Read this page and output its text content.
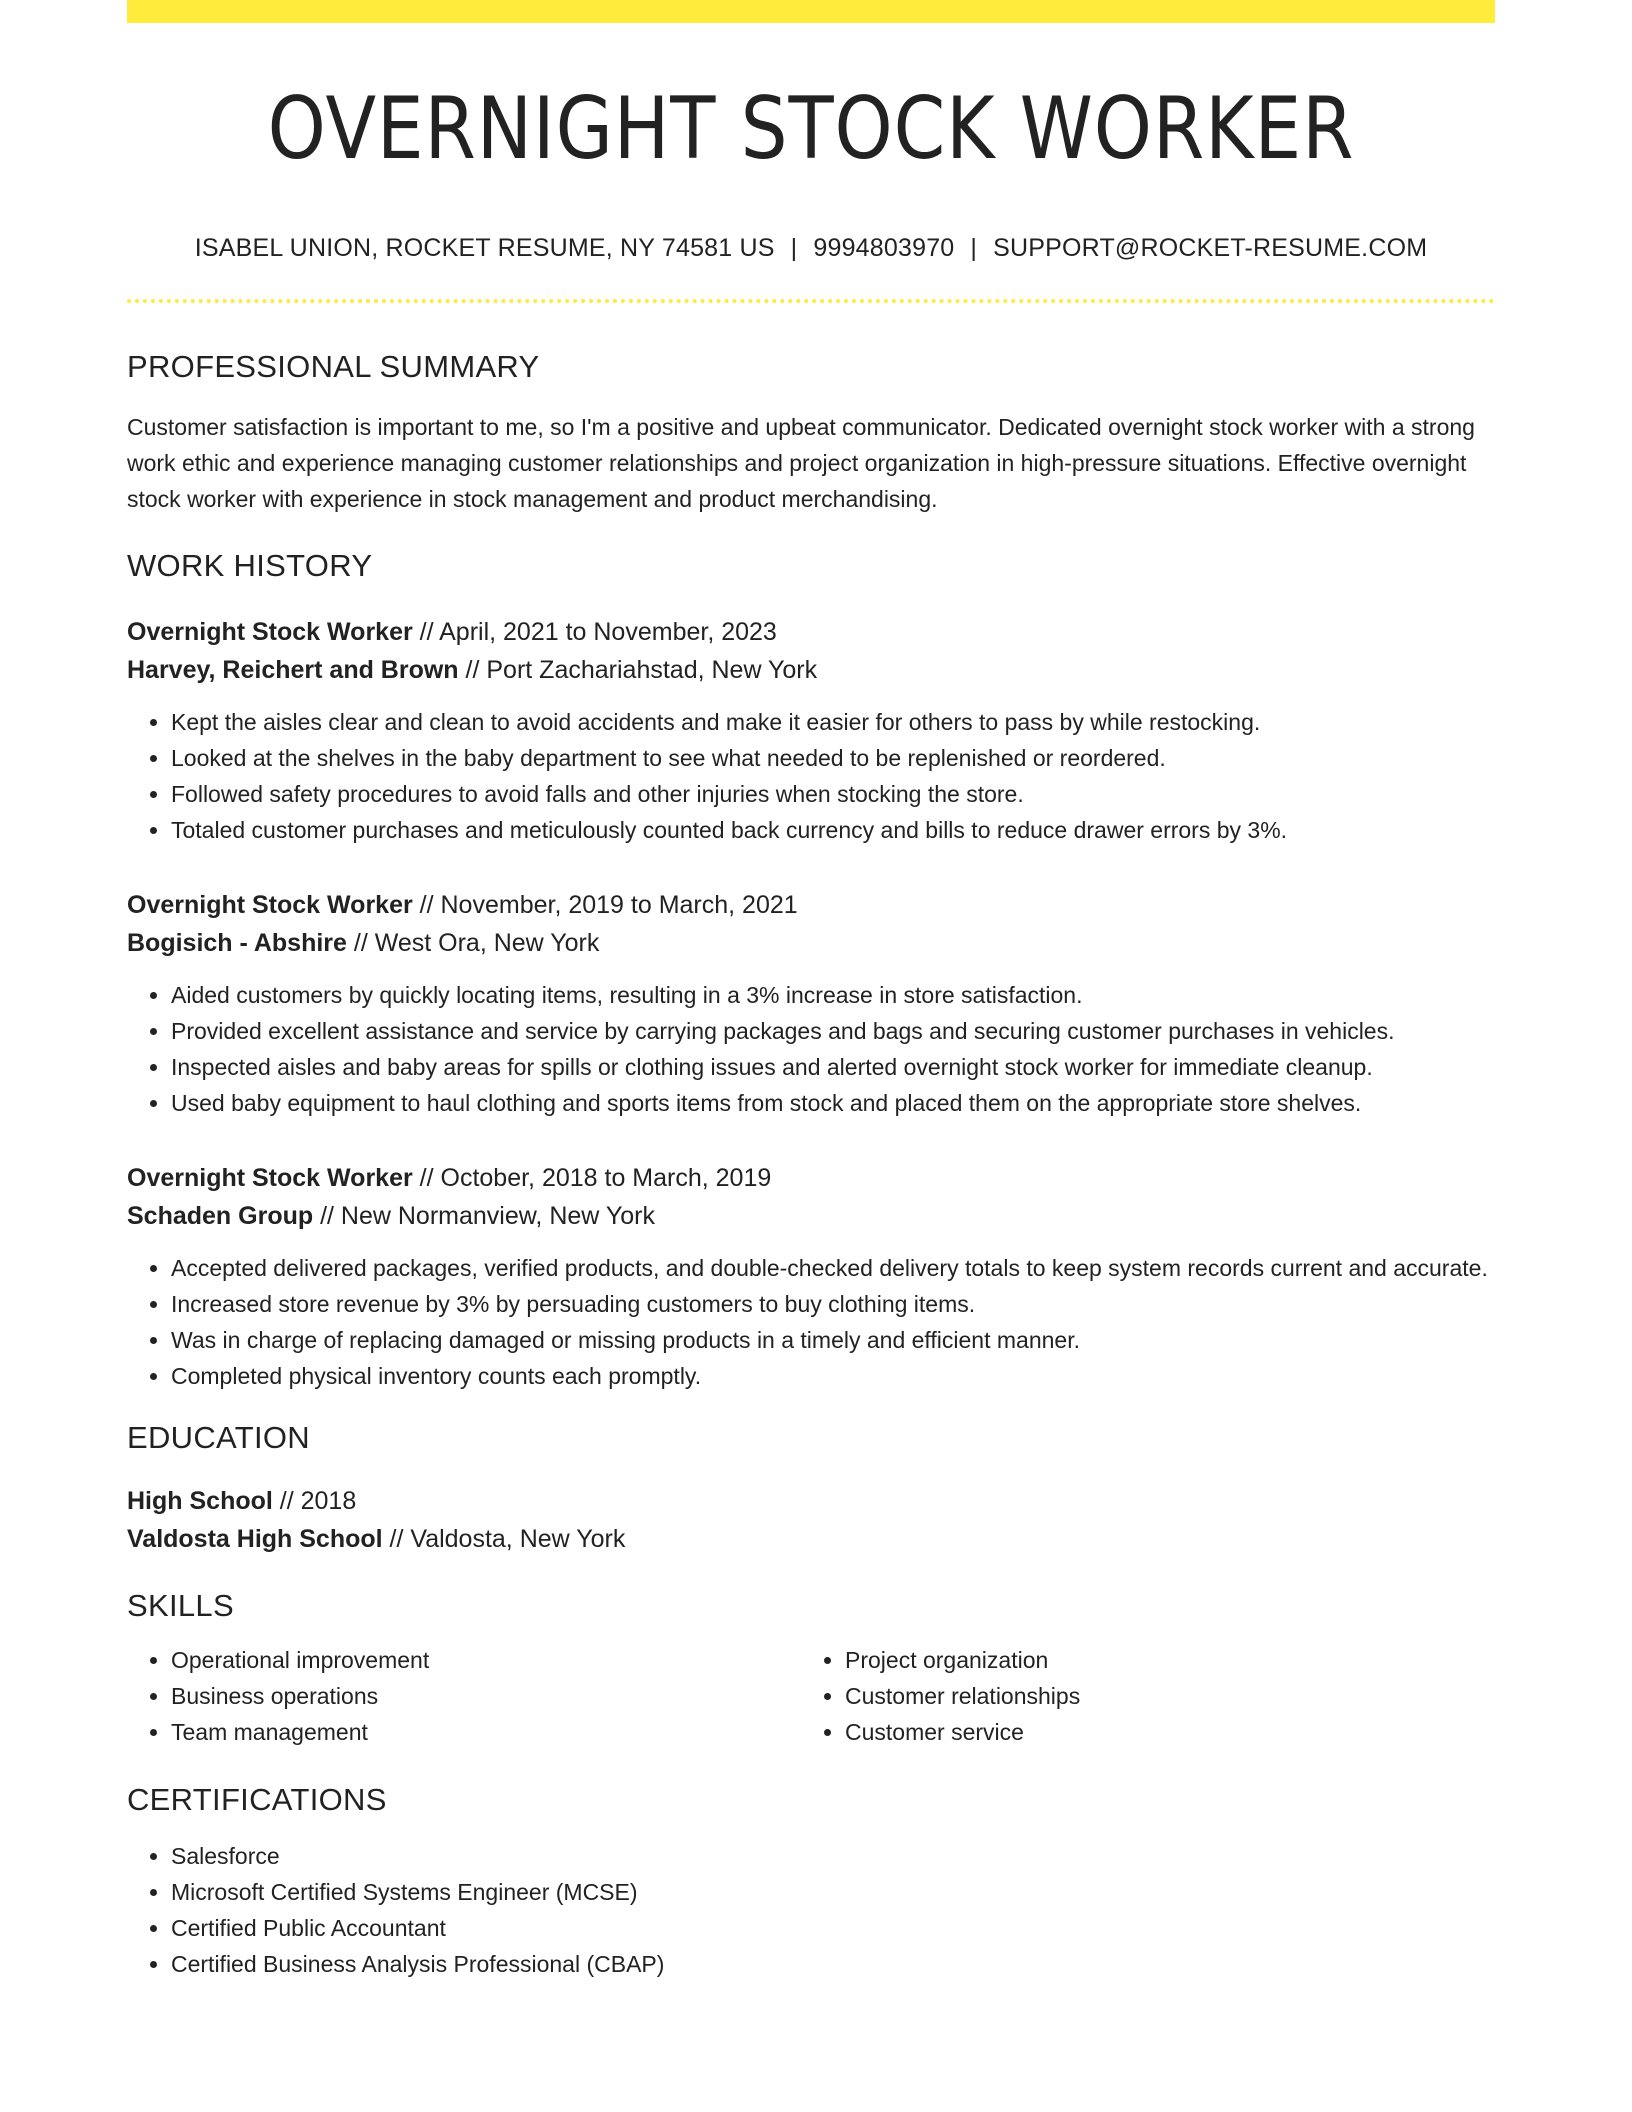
OVERNIGHT STOCK WORKER
ISABEL UNION, ROCKET RESUME, NY 74581 US | 9994803970 | SUPPORT@ROCKET-RESUME.COM
PROFESSIONAL SUMMARY
Customer satisfaction is important to me, so I'm a positive and upbeat communicator. Dedicated overnight stock worker with a strong work ethic and experience managing customer relationships and project organization in high-pressure situations. Effective overnight stock worker with experience in stock management and product merchandising.
WORK HISTORY
Overnight Stock Worker // April, 2021 to November, 2023
Harvey, Reichert and Brown // Port Zachariahstad, New York
• Kept the aisles clear and clean to avoid accidents and make it easier for others to pass by while restocking.
• Looked at the shelves in the baby department to see what needed to be replenished or reordered.
• Followed safety procedures to avoid falls and other injuries when stocking the store.
• Totaled customer purchases and meticulously counted back currency and bills to reduce drawer errors by 3%.
Overnight Stock Worker // November, 2019 to March, 2021
Bogisich - Abshire // West Ora, New York
• Aided customers by quickly locating items, resulting in a 3% increase in store satisfaction.
• Provided excellent assistance and service by carrying packages and bags and securing customer purchases in vehicles.
• Inspected aisles and baby areas for spills or clothing issues and alerted overnight stock worker for immediate cleanup.
• Used baby equipment to haul clothing and sports items from stock and placed them on the appropriate store shelves.
Overnight Stock Worker // October, 2018 to March, 2019
Schaden Group // New Normanview, New York
• Accepted delivered packages, verified products, and double-checked delivery totals to keep system records current and accurate.
• Increased store revenue by 3% by persuading customers to buy clothing items.
• Was in charge of replacing damaged or missing products in a timely and efficient manner.
• Completed physical inventory counts each promptly.
EDUCATION
High School // 2018
Valdosta High School // Valdosta, New York
SKILLS
• Operational improvement
• Business operations
• Team management
• Project organization
• Customer relationships
• Customer service
CERTIFICATIONS
• Salesforce
• Microsoft Certified Systems Engineer (MCSE)
• Certified Public Accountant
• Certified Business Analysis Professional (CBAP)
